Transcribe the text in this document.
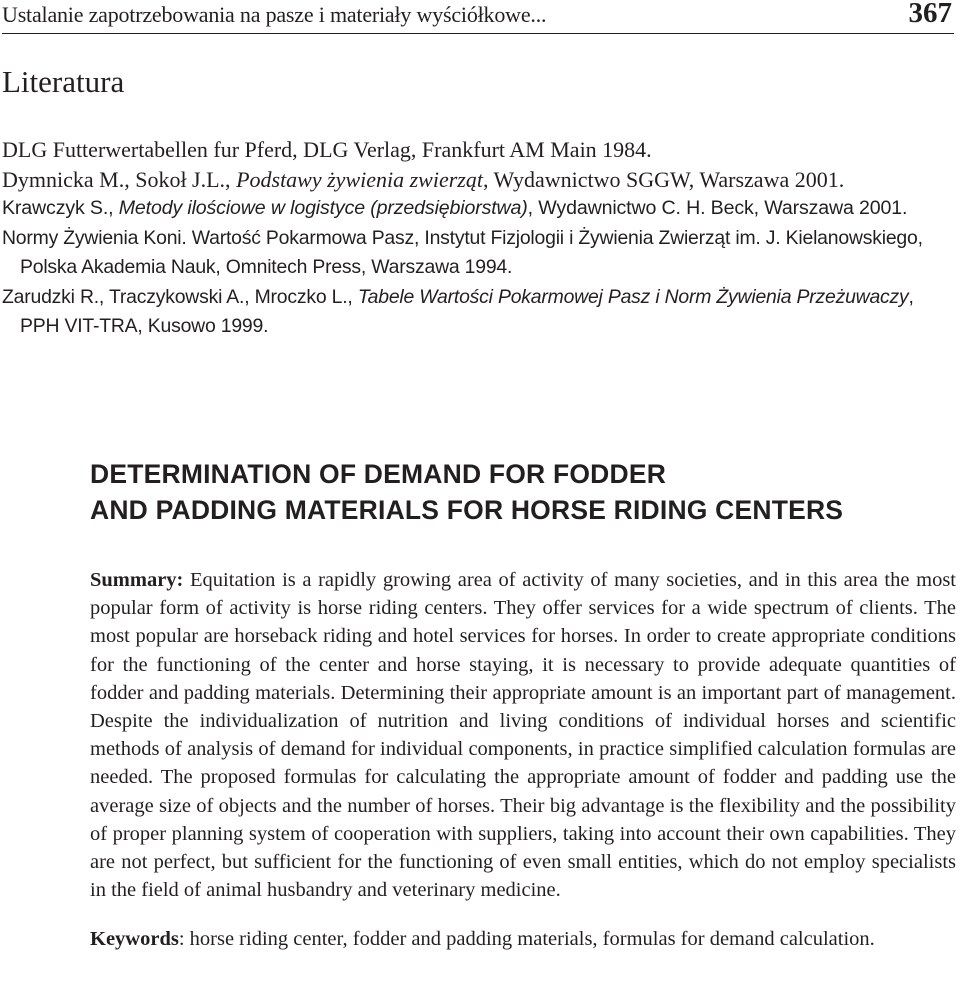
Ustalanie zapotrzebowania na pasze i materiały wyściółkowe...	367
Literatura
DLG Futterwertabellen fur Pferd, DLG Verlag, Frankfurt AM Main 1984.
Dymnicka M., Sokoł J.L., Podstawy żywienia zwierząt, Wydawnictwo SGGW, Warszawa 2001.
Krawczyk S., Metody ilościowe w logistyce (przedsiębiorstwa), Wydawnictwo C. H. Beck, Warszawa 2001.
Normy Żywienia Koni. Wartość Pokarmowa Pasz, Instytut Fizjologii i Żywienia Zwierząt im. J. Kielanowskiego, Polska Akademia Nauk, Omnitech Press, Warszawa 1994.
Zarudzki R., Traczykowski A., Mroczko L., Tabele Wartości Pokarmowej Pasz i Norm Żywienia Przeżuwaczy, PPH VIT-TRA, Kusowo 1999.
DETERMINATION OF DEMAND FOR FODDER
AND PADDING MATERIALS FOR HORSE RIDING CENTERS

Summary: Equitation is a rapidly growing area of activity of many societies, and in this area the most popular form of activity is horse riding centers. They offer services for a wide spectrum of clients. The most popular are horseback riding and hotel services for horses. In order to create appropriate conditions for the functioning of the center and horse staying, it is necessary to provide adequate quantities of fodder and padding materials. Determining their appropriate amount is an important part of management. Despite the individualization of nutrition and living conditions of individual horses and scientific methods of analysis of demand for individual components, in practice simplified calculation formulas are needed. The proposed formulas for calculating the appropriate amount of fodder and padding use the average size of objects and the number of horses. Their big advantage is the flexibility and the possibility of proper planning system of cooperation with suppliers, taking into account their own capabilities. They are not perfect, but sufficient for the functioning of even small entities, which do not employ specialists in the field of animal husbandry and veterinary medicine.

Keywords: horse riding center, fodder and padding materials, formulas for demand calculation.
